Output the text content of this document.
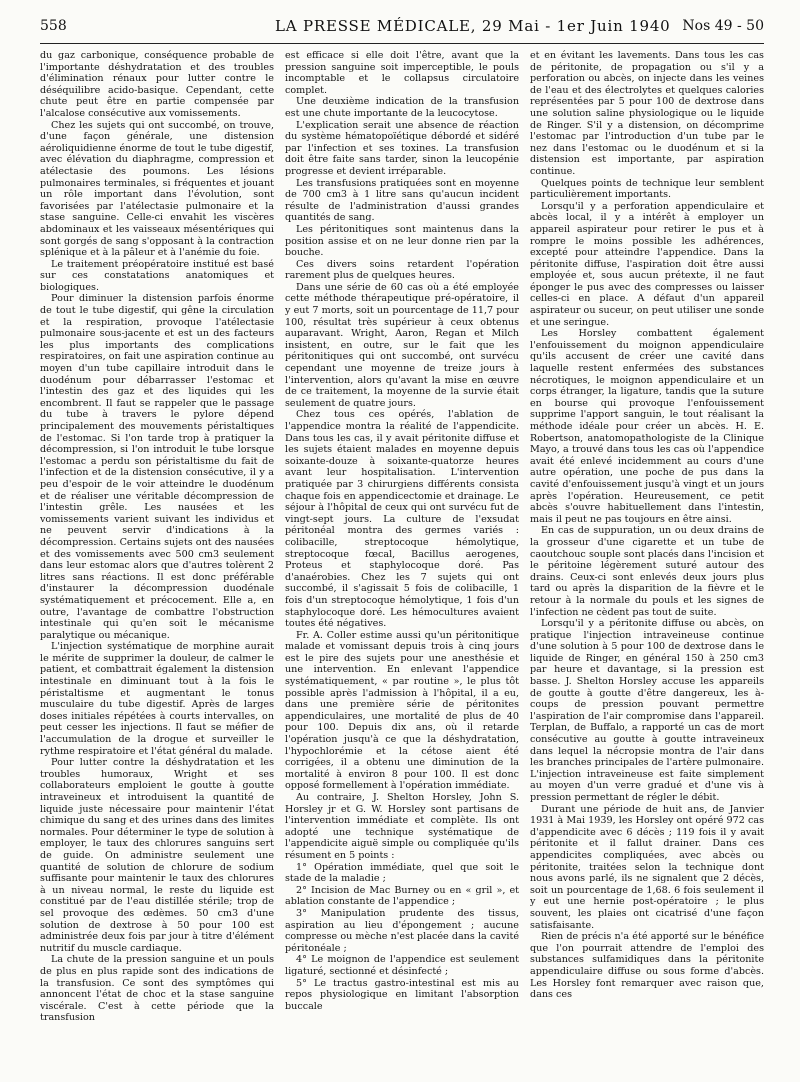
558	LA PRESSE MÉDICALE, 29 Mai - 1er Juin 1940 Nos 49 - 50

du gaz carbonique, conséquence probable de l'importante déshydratation et des troubles d'élimination rénaux pour lutter contre le déséquilibre acido-basique. Cependant, cette chute peut être en partie compensée par l'alcalose consécutive aux vomissements.

Chez les sujets qui ont succombé, on trouve, d'une façon générale, une distension aéroliquidienne énorme de tout le tube digestif, avec élévation du diaphragme, compression et atélectasie des poumons. Les lésions pulmonaires terminales, si fréquentes et jouant un rôle important dans l'évolution, sont favorisées par l'atélectasie pulmonaire et la stase sanguine. Celle-ci envahit les viscères abdominaux et les vaisseaux mésentériques qui sont gorgés de sang s'opposant à la contraction splénique et à la pâleur et à l'anémie du foie.

Le traitement préopératoire institué est basé sur ces constatations anatomiques et biologiques.

Pour diminuer la distension parfois énorme de tout le tube digestif, qui gêne la circulation et la respiration, provoque l'atélectasie pulmonaire sous-jacente et est un des facteurs les plus importants des complications respiratoires, on fait une aspiration continue au moyen d'un tube capillaire introduit dans le duodénum pour débarrasser l'estomac et l'intestin des gaz et des liquides qui les encombrent. Il faut se rappeler que le passage du tube à travers le pylore dépend principalement des mouvements péristaltiques de l'estomac. Si l'on tarde trop à pratiquer la décompression, si l'on introduit le tube lorsque l'estomac a perdu son péristaltisme du fait de l'infection et de la distension consécutive, il y a peu d'espoir de le voir atteindre le duodénum et de réaliser une véritable décompression de l'intestin grêle. Les nausées et les vomissements varient suivant les individus et ne peuvent servir d'indications à la décompression. Certains sujets ont des nausées et des vomissements avec 500 cm3 seulement dans leur estomac alors que d'autres tolèrent 2 litres sans réactions. Il est donc préférable d'instaurer la décompression duodénale systématiquement et précocement. Elle a, en outre, l'avantage de combattre l'obstruction intestinale qui qu'en soit le mécanisme paralytique ou mécanique.

L'injection systématique de morphine aurait le mérite de supprimer la douleur, de calmer le patient, et combattrait également la distension intestinale en diminuant tout à la fois le péristaltisme et augmentant le tonus musculaire du tube digestif. Après de larges doses initiales répétées à courts intervalles, on peut cesser les injections. Il faut se méfier de l'accumulation de la drogue et surveiller le rythme respiratoire et l'état général du malade.

Pour lutter contre la déshydratation et les troubles humoraux, Wright et ses collaborateurs emploient le goutte à goutte intraveineux et introduisent la quantité de liquide juste nécessaire pour maintenir l'état chimique du sang et des urines dans des limites normales. Pour déterminer le type de solution à employer, le taux des chlorures sanguins sert de guide. On administre seulement une quantité de solution de chlorure de sodium suffisante pour maintenir le taux des chlorures à un niveau normal, le reste du liquide est constitué par de l'eau distillée stérile; trop de sel provoque des œdèmes. 50 cm3 d'une solution de dextrose à 50 pour 100 est administrée deux fois par jour à titre d'élément nutritif du muscle cardiaque.

La chute de la pression sanguine et un pouls de plus en plus rapide sont des indications de la transfusion. Ce sont des symptômes qui annoncent l'état de choc et la stase sanguine viscérale. C'est à cette période que la transfusion

est efficace si elle doit l'être, avant que la pression sanguine soit imperceptible, le pouls incomptable et le collapsus circulatoire complet.

Une deuxième indication de la transfusion est une chute importante de la leucocytose.

L'explication serait une absence de réaction du système hématopoïétique débordé et sidéré par l'infection et ses toxines. La transfusion doit être faite sans tarder, sinon la leucopénie progresse et devient irréparable.

Les transfusions pratiquées sont en moyenne de 700 cm3 à 1 litre sans qu'aucun incident résulte de l'administration d'aussi grandes quantités de sang.

Les péritonitiques sont maintenus dans la position assise et on ne leur donne rien par la bouche.

Ces divers soins retardent l'opération rarement plus de quelques heures.

Dans une série de 60 cas où a été employée cette méthode thérapeutique pré-opératoire, il y eut 7 morts, soit un pourcentage de 11,7 pour 100, résultat très supérieur à ceux obtenus auparavant. Wright, Aaron, Regan et Milch insistent, en outre, sur le fait que les péritonitiques qui ont succombé, ont survécu cependant une moyenne de treize jours à l'intervention, alors qu'avant la mise en œuvre de ce traitement, la moyenne de la survie était seulement de quatre jours.

Chez tous ces opérés, l'ablation de l'appendice montra la réalité de l'appendicite. Dans tous les cas, il y avait péritonite diffuse et les sujets étaient malades en moyenne depuis soixante-douze à soixante-quatorze heures avant leur hospitalisation. L'intervention pratiquée par 3 chirurgiens différents consista chaque fois en appendicectomie et drainage. Le séjour à l'hôpital de ceux qui ont survécu fut de vingt-sept jours. La culture de l'exsudat péritonéal montra des germes variés : colibacille, streptocoque hémolytique, streptocoque fœcal, Bacillus aerogenes, Proteus et staphylocoque doré. Pas d'anaérobies. Chez les 7 sujets qui ont succombé, il s'agissait 5 fois de colibacille, 1 fois d'un streptocoque hémolytique, 1 fois d'un staphylocoque doré. Les hémocultures avaient toutes été négatives.

Fr. A. Coller estime aussi qu'un péritonitique malade et vomissant depuis trois à cinq jours est le pire des sujets pour une anesthésie et une intervention. En enlevant l'appendice systématiquement, « par routine », le plus tôt possible après l'admission à l'hôpital, il a eu, dans une première série de péritonites appendiculaires, une mortalité de plus de 40 pour 100. Depuis dix ans, où il retarde l'opération jusqu'à ce que la déshydratation, l'hypochlorémie et la cétose aient été corrigées, il a obtenu une diminution de la mortalité à environ 8 pour 100. Il est donc opposé formellement à l'opération immédiate.

Au contraire, J. Shelton Horsley, John S. Horsley jr et G. W. Horsley sont partisans de l'intervention immédiate et complète. Ils ont adopté une technique systématique de l'appendicite aiguë simple ou compliquée qu'ils résument en 5 points :

1° Opération immédiate, quel que soit le stade de la maladie ;

2° Incision de Mac Burney ou en « gril », et ablation constante de l'appendice ;

3° Manipulation prudente des tissus, aspiration au lieu d'épongement ; aucune compresse ou mèche n'est placée dans la cavité péritonéale ;

4° Le moignon de l'appendice est seulement ligaturé, sectionné et désinfecté ;

5° Le tractus gastro-intestinal est mis au repos physiologique en limitant l'absorption buccale

et en évitant les lavements. Dans tous les cas de péritonite, de propagation ou s'il y a perforation ou abcès, on injecte dans les veines de l'eau et des électrolytes et quelques calories représentées par 5 pour 100 de dextrose dans une solution saline physiologique ou le liquide de Ringer. S'il y a distension, on décomprime l'estomac par l'introduction d'un tube par le nez dans l'estomac ou le duodénum et si la distension est importante, par aspiration continue.

Quelques points de technique leur semblent particulièrement importants.

Lorsqu'il y a perforation appendiculaire et abcès local, il y a intérêt à employer un appareil aspirateur pour retirer le pus et à rompre le moins possible les adhérences, excepté pour atteindre l'appendice. Dans la péritonite diffuse, l'aspiration doit être aussi employée et, sous aucun prétexte, il ne faut éponger le pus avec des compresses ou laisser celles-ci en place. A défaut d'un appareil aspirateur ou suceur, on peut utiliser une sonde et une seringue.

Les Horsley combattent également l'enfouissement du moignon appendiculaire qu'ils accusent de créer une cavité dans laquelle restent enfermées des substances nécrotiques, le moignon appendiculaire et un corps étranger, la ligature, tandis que la suture en bourse qui provoque l'enfouissement supprime l'apport sanguin, le tout réalisant la méthode idéale pour créer un abcès. H. E. Robertson, anatomopathologiste de la Clinique Mayo, a trouvé dans tous les cas où l'appendice avait été enlevé incidemment au cours d'une autre opération, une poche de pus dans la cavité d'enfouissement jusqu'à vingt et un jours après l'opération. Heureusement, ce petit abcès s'ouvre habituellement dans l'intestin, mais il peut ne pas toujours en être ainsi.

En cas de suppuration, un ou deux drains de la grosseur d'une cigarette et un tube de caoutchouc souple sont placés dans l'incision et le péritoine légèrement suturé autour des drains. Ceux-ci sont enlevés deux jours plus tard ou après la disparition de la fièvre et le retour à la normale du pouls et les signes de l'infection ne cèdent pas tout de suite.

Lorsqu'il y a péritonite diffuse ou abcès, on pratique l'injection intraveineuse continue d'une solution à 5 pour 100 de dextrose dans le liquide de Ringer, en général 150 à 250 cm3 par heure et davantage, si la pression est basse. J. Shelton Horsley accuse les appareils de goutte à goutte d'être dangereux, les à-coups de pression pouvant permettre l'aspiration de l'air compromise dans l'appareil. Terplan, de Buffalo, a rapporté un cas de mort consécutive au goutte à goutte intraveineux dans lequel la nécropsie montra de l'air dans les branches principales de l'artère pulmonaire. L'injection intraveineuse est faite simplement au moyen d'un verre gradué et d'une vis à pression permettant de régler le débit.

Durant une période de huit ans, de Janvier 1931 à Mai 1939, les Horsley ont opéré 972 cas d'appendicite avec 6 décès ; 119 fois il y avait péritonite et il fallut drainer. Dans ces appendicites compliquées, avec abcès ou péritonite, traitées selon la technique dont nous avons parlé, ils ne signalent que 2 décès, soit un pourcentage de 1,68. 6 fois seulement il y eut une hernie post-opératoire ; le plus souvent, les plaies ont cicatrisé d'une façon satisfaisante.

Rien de précis n'a été apporté sur le bénéfice que l'on pourrait attendre de l'emploi des substances sulfamidiques dans la péritonite appendiculaire diffuse ou sous forme d'abcès. Les Horsley font remarquer avec raison que, dans ces
